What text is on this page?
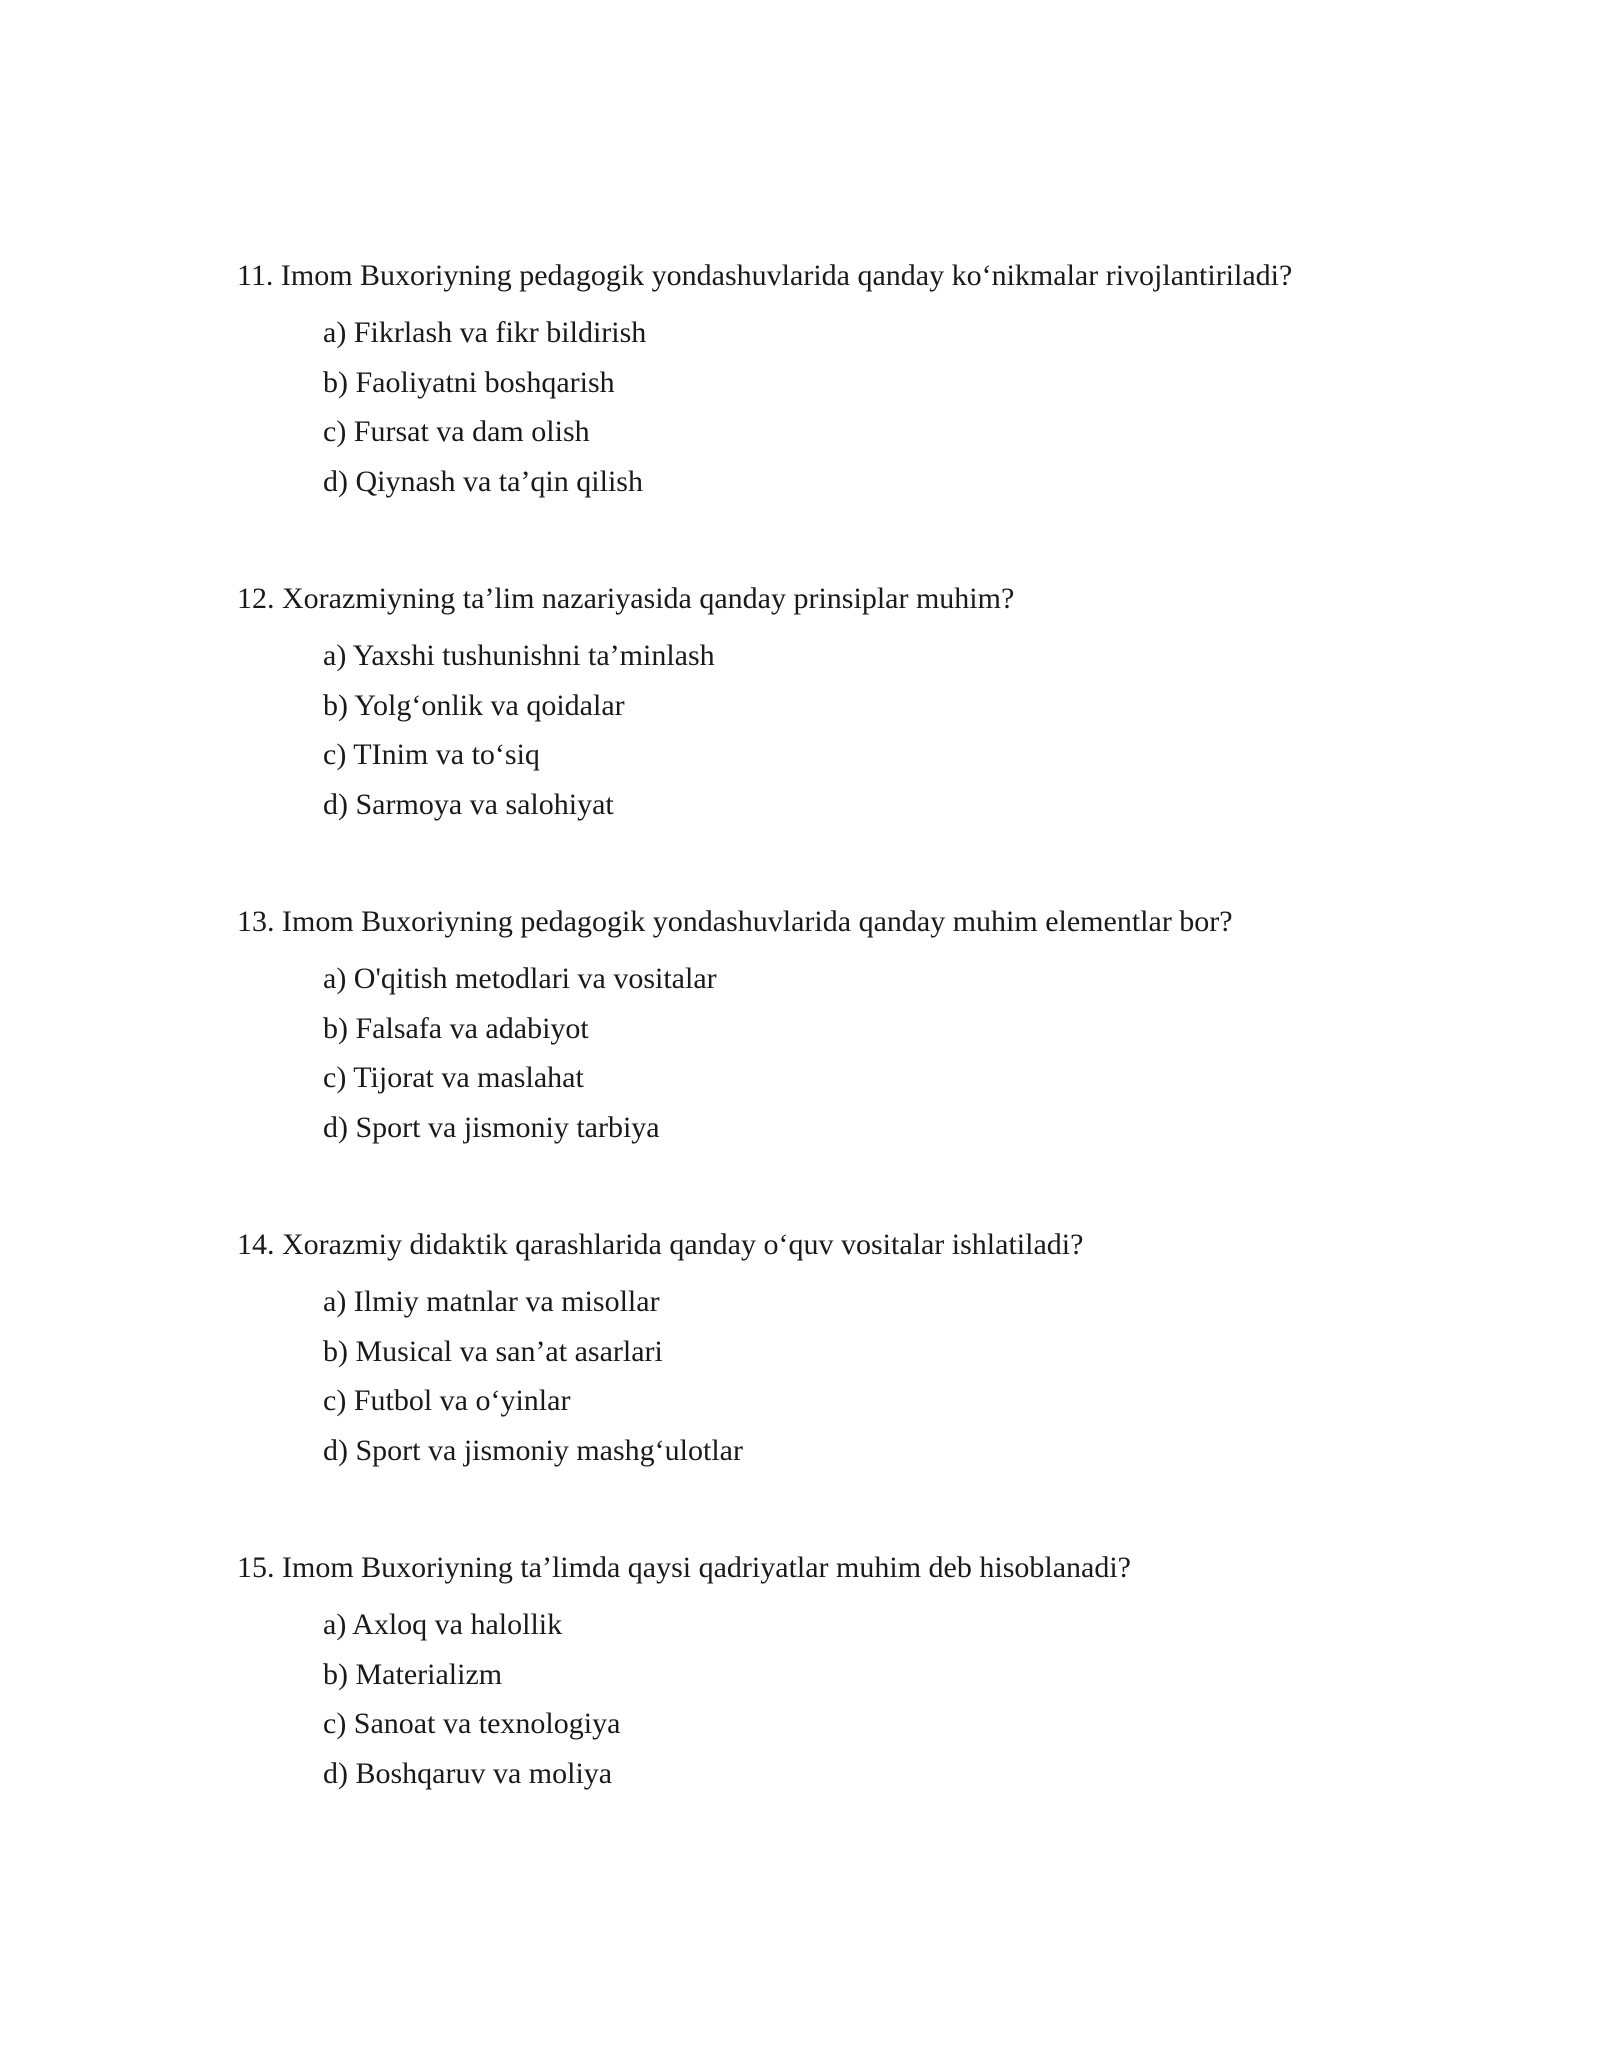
11. Imom Buxoriyning pedagogik yondashuvlarida qanday ko‘nikmalar rivojlantiriladi?
a) Fikrlash va fikr bildirish
b) Faoliyatni boshqarish
c) Fursat va dam olish
d) Qiynash va ta’qin qilish
12. Xorazmiyning ta’lim nazariyasida qanday prinsiplar muhim?
a) Yaxshi tushunishni ta’minlash
b) Yolg‘onlik va qoidalar
c) TInim va to‘siq
d) Sarmoya va salohiyat
13. Imom Buxoriyning pedagogik yondashuvlarida qanday muhim elementlar bor?
a) O'qitish metodlari va vositalar
b) Falsafa va adabiyot
c) Tijorat va maslahat
d) Sport va jismoniy tarbiya
14. Xorazmiy didaktik qarashlarida qanday o‘quv vositalar ishlatiladi?
a) Ilmiy matnlar va misollar
b) Musical va san’at asarlari
c) Futbol va o‘yinlar
d) Sport va jismoniy mashg‘ulotlar
15. Imom Buxoriyning ta’limda qaysi qadriyatlar muhim deb hisoblanadi?
a) Axloq va halollik
b) Materializm
c) Sanoat va texnologiya
d) Boshqaruv va moliya
